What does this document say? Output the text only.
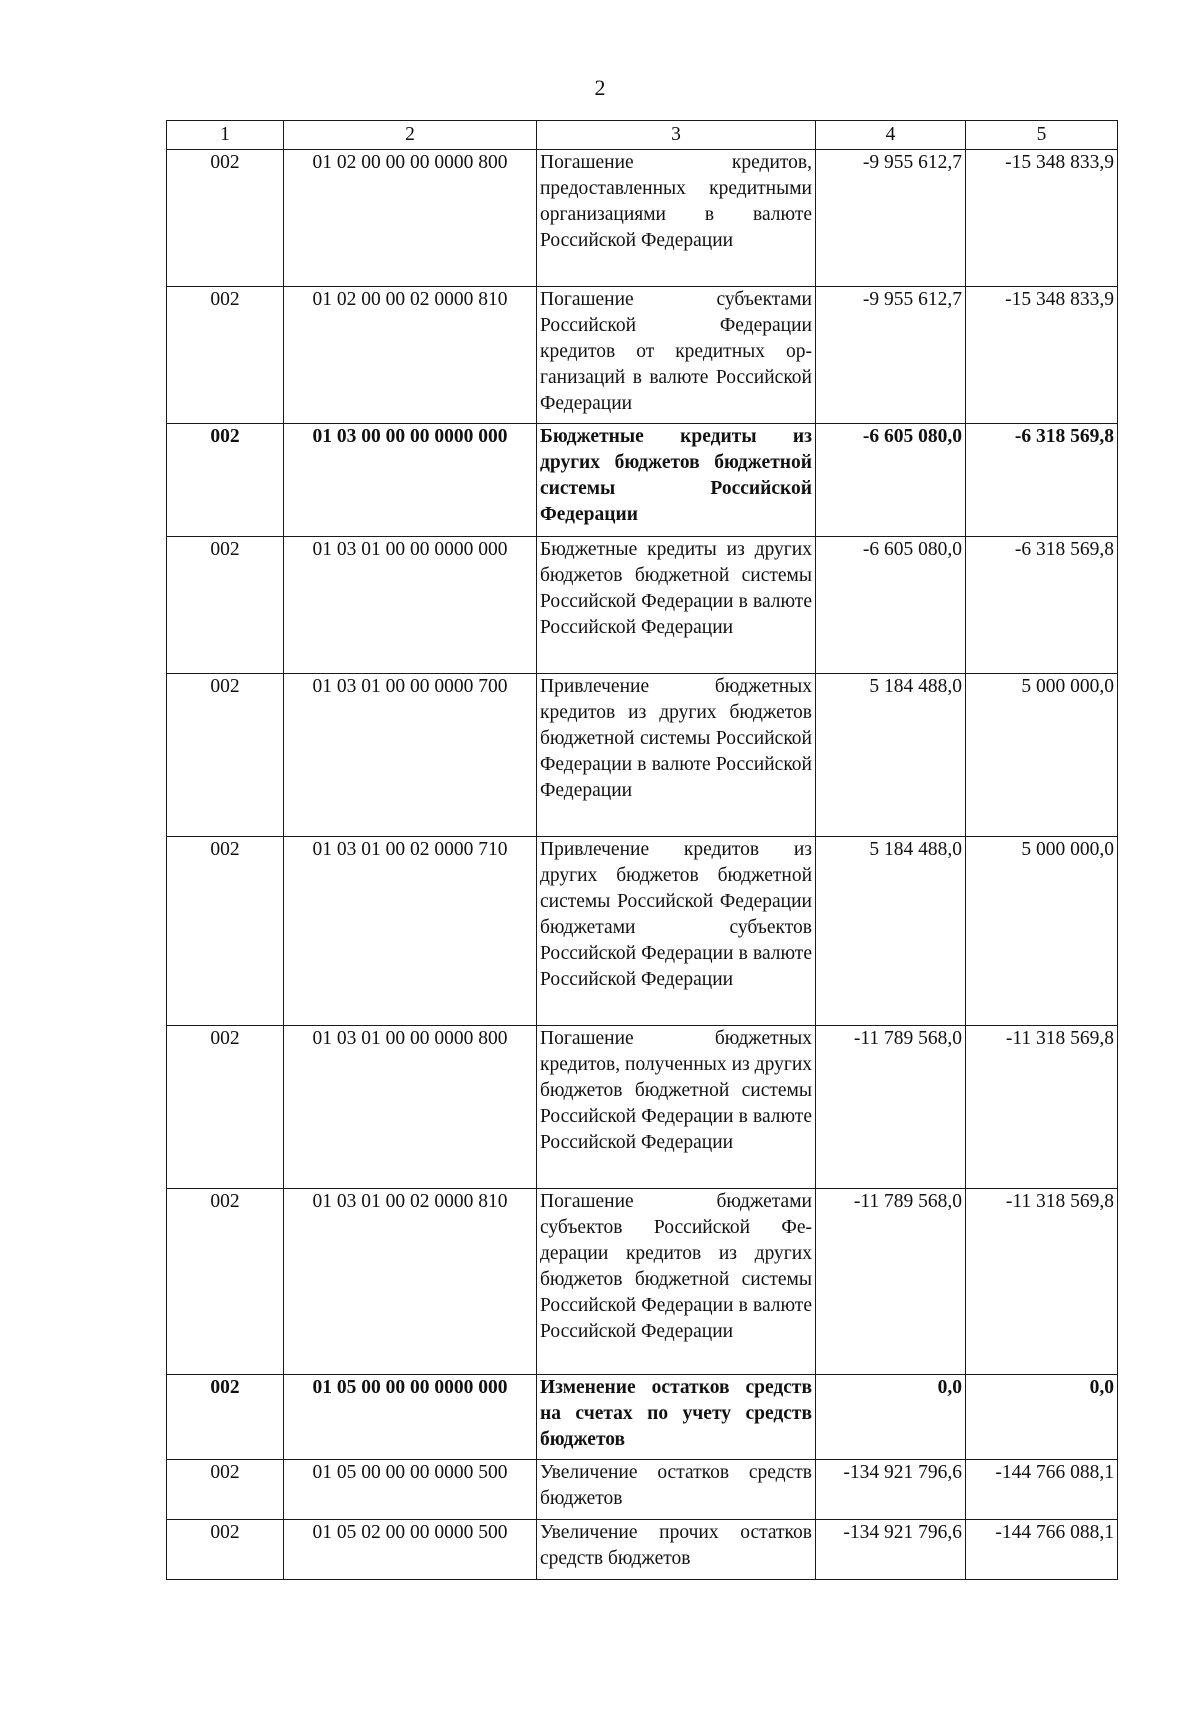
2
1	2	3	4	5
002	01 02 00 00 00 0000 800	Погашение кредитов, предоставленных кредитными организациями в валюте Российской Федерации	-9 955 612,7	-15 348 833,9
002	01 02 00 00 02 0000 810	Погашение субъектами Российской Федерации кредитов от кредитных организаций в валюте Российской Федерации	-9 955 612,7	-15 348 833,9
002	01 03 00 00 00 0000 000	Бюджетные кредиты из других бюджетов бюджетной системы Российской Федерации	-6 605 080,0	-6 318 569,8
002	01 03 01 00 00 0000 000	Бюджетные кредиты из других бюджетов бюджетной системы Российской Федерации в валюте Российской Федерации	-6 605 080,0	-6 318 569,8
002	01 03 01 00 00 0000 700	Привлечение бюджетных кредитов из других бюджетов бюджетной системы Российской Федерации в валюте Российской Федерации	5 184 488,0	5 000 000,0
002	01 03 01 00 02 0000 710	Привлечение кредитов из других бюджетов бюджетной системы Российской Федерации бюджетами субъектов Российской Федерации в валюте Российской Федерации	5 184 488,0	5 000 000,0
002	01 03 01 00 00 0000 800	Погашение бюджетных кредитов, полученных из других бюджетов бюджетной системы Российской Федерации в валюте Российской Федерации	-11 789 568,0	-11 318 569,8
002	01 03 01 00 02 0000 810	Погашение бюджетами субъектов Российской Федерации кредитов из других бюджетов бюджетной системы Российской Федерации в валюте Российской Федерации	-11 789 568,0	-11 318 569,8
002	01 05 00 00 00 0000 000	Изменение остатков средств на счетах по учету средств бюджетов	0,0	0,0
002	01 05 00 00 00 0000 500	Увеличение остатков средств бюджетов	-134 921 796,6	-144 766 088,1
002	01 05 02 00 00 0000 500	Увеличение прочих остатков средств бюджетов	-134 921 796,6	-144 766 088,1
